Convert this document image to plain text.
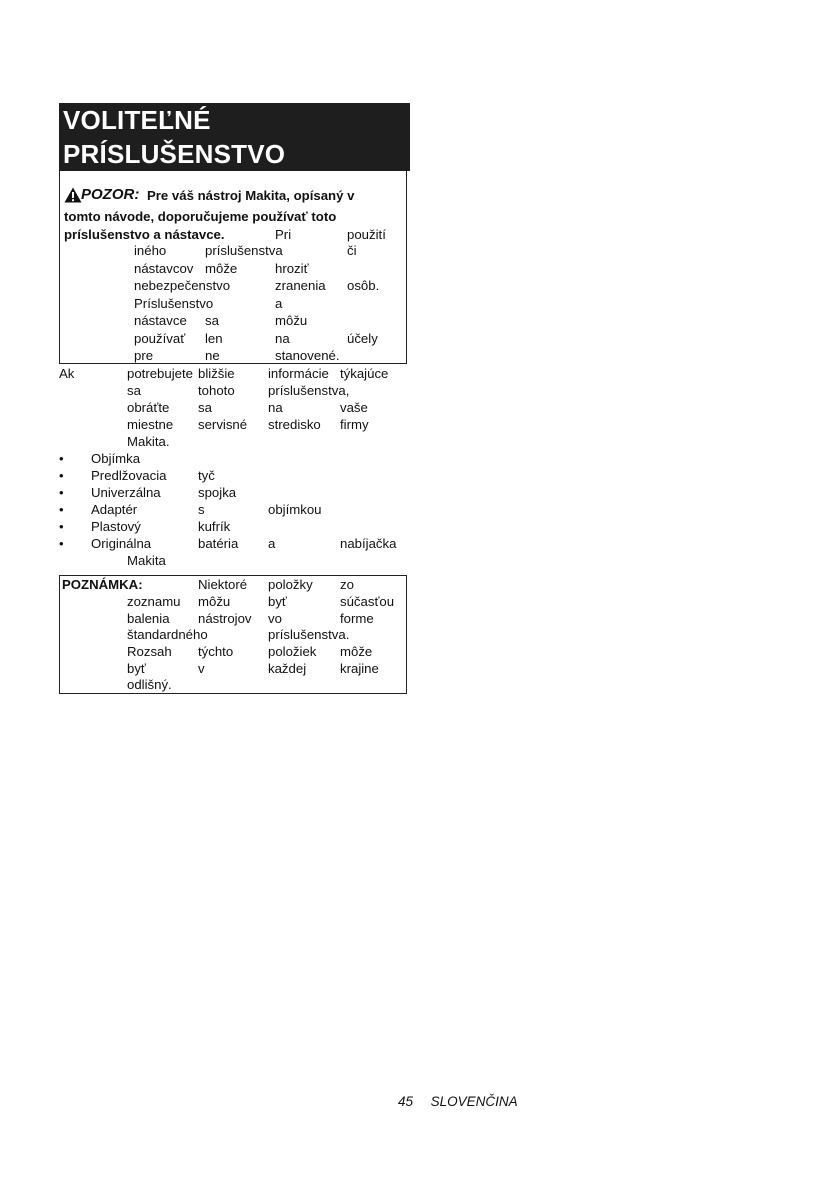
VOLITEĽNÉ
PRÍSLUŠENSTVO
POZOR: Pre váš nástroj Makita, opísaný v
tomto návode, doporučujeme používať toto
príslušenstvo a nástavce.	Pri	použití
iného	príslušenstva	či
nástavcov môže	hroziť
nebezpečenstvo	zranenia osôb.
Príslušenstvo	a
nástavce sa	môžu
používať len	na	účely
pre	ne	stanovené.
Ak	potrebujete bližšie	informácie týkajúce
sa	tohoto	príslušenstva,
obráťte sa	na	vaše
miestne servisné stredisko firmy
Makita.
• Objímka
• Predlžovacia tyč
• Univerzálna	spojka
• Adaptér	s	objímkou
• Plastový	kufrík
• Originálna	batéria a	nabíjačka
Makita
POZNÁMKA:	Niektoré položky zo
zoznamu môžu	byť	súčasťou
balenia nástrojov vo	forme
štandardného	príslušenstva.
Rozsah týchto	položiek môže
byť	v	každej	krajine
odlišný.
45 SLOVENČINA
